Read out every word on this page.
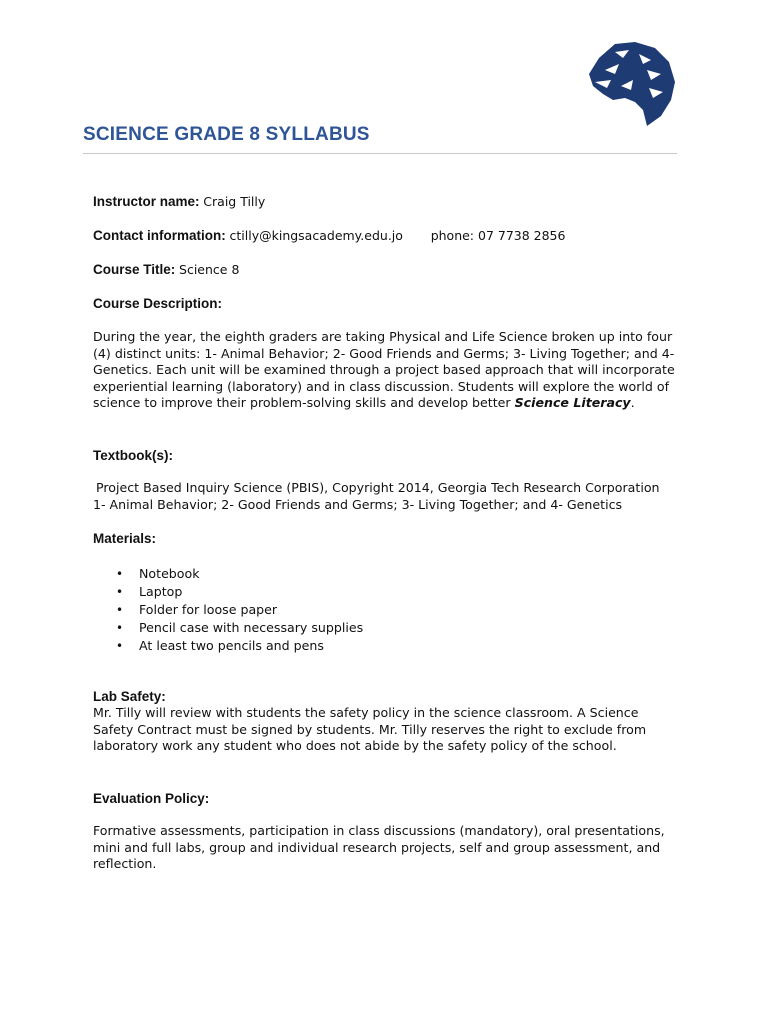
SCIENCE GRADE 8 SYLLABUS
Instructor name: Craig Tilly
Contact information: ctilly@kingsacademy.edu.jo phone: 07 7738 2856
Course Title: Science 8
Course Description:

During the year, the eighth graders are taking Physical and Life Science broken up into four (4) distinct units: 1- Animal Behavior; 2- Good Friends and Germs; 3- Living Together; and 4- Genetics. Each unit will be examined through a project based approach that will incorporate experiential learning (laboratory) and in class discussion. Students will explore the world of science to improve their problem-solving skills and develop better Science Literacy.

Textbook(s):

Project Based Inquiry Science (PBIS), Copyright 2014, Georgia Tech Research Corporation

1- Animal Behavior; 2- Good Friends and Germs; 3- Living Together; and 4- Genetics

Materials:
• Notebook
• Laptop
• Folder for loose paper
• Pencil case with necessary supplies
• At least two pencils and pens
Lab Safety:

Mr. Tilly will review with students the safety policy in the science classroom. A Science Safety Contract must be signed by students. Mr. Tilly reserves the right to exclude from laboratory work any student who does not abide by the safety policy of the school.

Evaluation Policy:

Formative assessments, participation in class discussions (mandatory), oral presentations, mini and full labs, group and individual research projects, self and group assessment, and reflection.
